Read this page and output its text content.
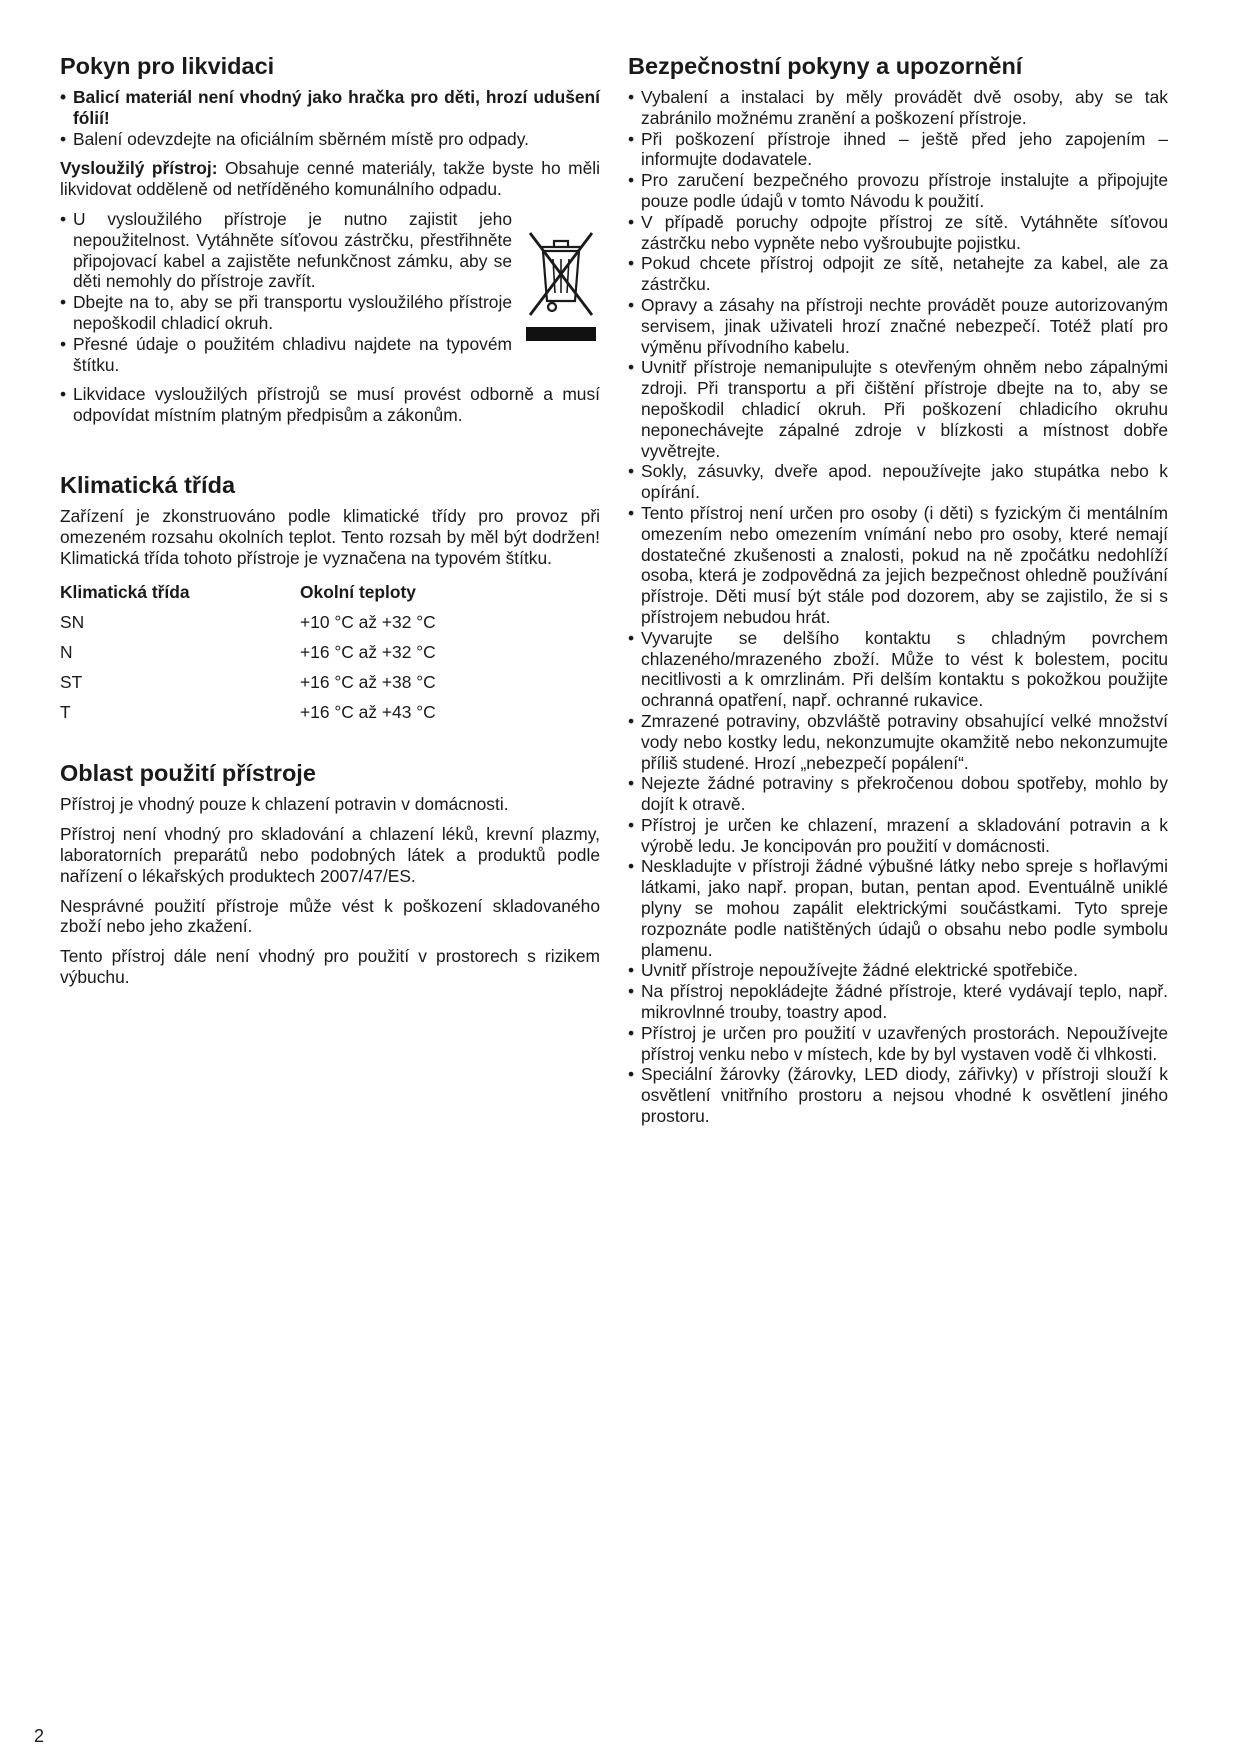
Pokyn pro likvidaci
• Balicí materiál není vhodný jako hračka pro děti, hrozí udušení fólií!
• Balení odevzdejte na oficiálním sběrném místě pro odpady.

Vysloužilý přístroj: Obsahuje cenné materiály, takže byste ho měli likvidovat odděleně od netříděného komunálního odpadu.

• U vysloužilého přístroje je nutno zajistit jeho nepoužitelnost. Vytáhněte síťovou zástrčku, přestřihněte připojovací kabel a zajistěte nefunkčnost zámku, aby se děti nemohly do přístroje zavřít.
• Dbejte na to, aby se při transportu vysloužilého přístroje nepoškodil chladicí okruh.
• Přesné údaje o použitém chladivu najdete na typovém štítku.
• Likvidace vysloužilých přístrojů se musí provést odborně a musí odpovídat místním platným předpisům a zákonům.
Klimatická třída

Zařízení je zkonstruováno podle klimatické třídy pro provoz při omezeném rozsahu okolních teplot. Tento rozsah by měl být dodržen! Klimatická třída tohoto přístroje je vyznačena na typovém štítku.

Klimatická třída	Okolní teploty
SN	+10 °C až +32 °C
N	+16 °C až +32 °C
ST	+16 °C až +38 °C
T	+16 °C až +43 °C
Oblast použití přístroje

Přístroj je vhodný pouze k chlazení potravin v domácnosti.

Přístroj není vhodný pro skladování a chlazení léků, krevní plazmy, laboratorních preparátů nebo podobných látek a produktů podle nařízení o lékařských produktech 2007/47/ES.

Nesprávné použití přístroje může vést k poškození skladovaného zboží nebo jeho zkažení.

Tento přístroj dále není vhodný pro použití v prostorech s rizikem výbuchu.

Bezpečnostní pokyny a upozornění
• Vybalení a instalaci by měly provádět dvě osoby, aby se tak zabránilo možnému zranění a poškození přístroje.
• Při poškození přístroje ihned – ještě před jeho zapojením – informujte dodavatele.
• Pro zaručení bezpečného provozu přístroje instalujte a připojujte pouze podle údajů v tomto Návodu k použití.
• V případě poruchy odpojte přístroj ze sítě. Vytáhněte síťovou zástrčku nebo vypněte nebo vyšroubujte pojistku.
• Pokud chcete přístroj odpojit ze sítě, netahejte za kabel, ale za zástrčku.
• Opravy a zásahy na přístroji nechte provádět pouze autorizovaným servisem, jinak uživateli hrozí značné nebezpečí. Totéž platí pro výměnu přívodního kabelu.
• Uvnitř přístroje nemanipulujte s otevřeným ohněm nebo zápalnými zdroji. Při transportu a při čištění přístroje dbejte na to, aby se nepoškodil chladicí okruh. Při poškození chladicího okruhu neponechávejte zápalné zdroje v blízkosti a místnost dobře vyvětrejte.
• Sokly, zásuvky, dveře apod. nepoužívejte jako stupátka nebo k opírání.
• Tento přístroj není určen pro osoby (i děti) s fyzickým či mentálním omezením nebo omezením vnímání nebo pro osoby, které nemají dostatečné zkušenosti a znalosti, pokud na ně zpočátku nedohlíží osoba, která je zodpovědná za jejich bezpečnost ohledně používání přístroje. Děti musí být stále pod dozorem, aby se zajistilo, že si s přístrojem nebudou hrát.
• Vyvarujte se delšího kontaktu s chladným povrchem chlazeného/mrazeného zboží. Může to vést k bolestem, pocitu necitlivosti a k omrzlinám. Při delším kontaktu s pokožkou použijte ochranná opatření, např. ochranné rukavice.
• Zmrazené potraviny, obzvláště potraviny obsahující velké množství vody nebo kostky ledu, nekonzumujte okamžitě nebo nekonzumujte příliš studené. Hrozí „nebezpečí popálení“.
• Nejezte žádné potraviny s překročenou dobou spotřeby, mohlo by dojít k otravě.
• Přístroj je určen ke chlazení, mrazení a skladování potravin a k výrobě ledu. Je koncipován pro použití v domácnosti.
• Neskladujte v přístroji žádné výbušné látky nebo spreje s hořlavými látkami, jako např. propan, butan, pentan apod. Eventuálně uniklé plyny se mohou zapálit elektrickými součástkami. Tyto spreje rozpoznáte podle natištěných údajů o obsahu nebo podle symbolu plamenu.
• Uvnitř přístroje nepoužívejte žádné elektrické spotřebiče.
• Na přístroj nepokládejte žádné přístroje, které vydávají teplo, např. mikrovlnné trouby, toastry apod.
• Přístroj je určen pro použití v uzavřených prostorách. Nepoužívejte přístroj venku nebo v místech, kde by byl vystaven vodě či vlhkosti.
• Speciální žárovky (žárovky, LED diody, zářivky) v přístroji slouží k osvětlení vnitřního prostoru a nejsou vhodné k osvětlení jiného prostoru.
2
